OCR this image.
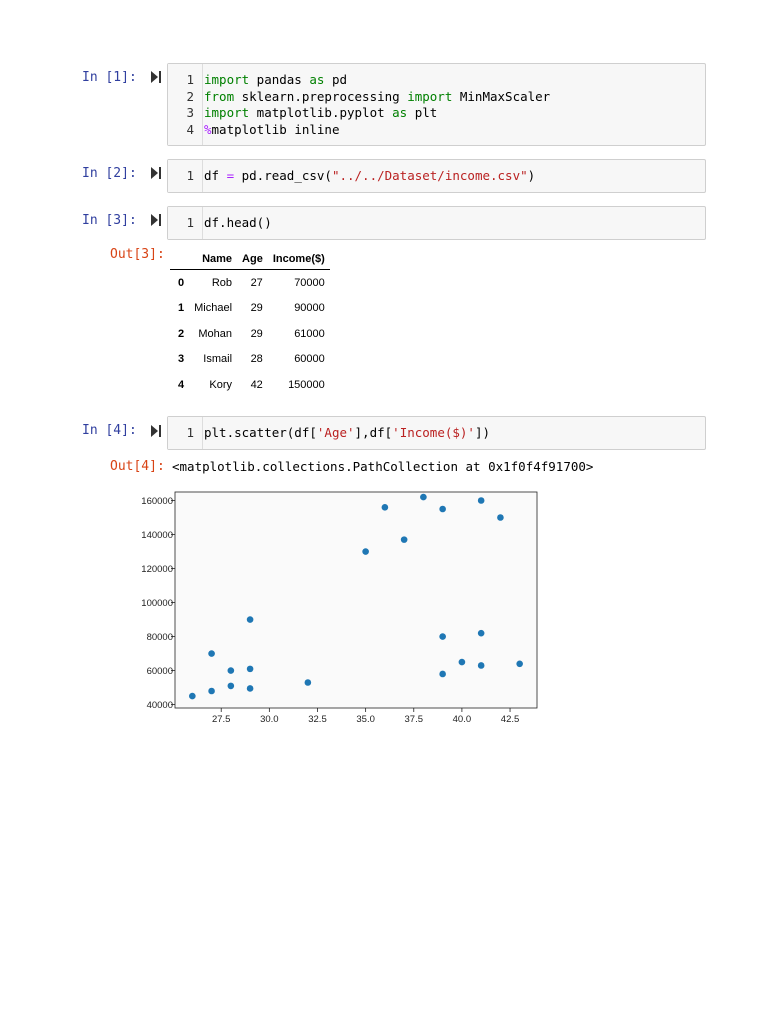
In [1]:	1
2
3
4
import pandas as pd
from sklearn.preprocessing import MinMaxScaler
import matplotlib.pyplot as plt
%matplotlib inline
In [2]:	1 df = pd.read_csv("../../Dataset/income.csv")
In [3]:	1 df.head()
Out[3]:
		Name	Age	Income($)
0	Rob	27	70000
1	Michael	29	90000
2	Mohan	29	61000
3	Ismail	28	60000
4	Kory	42	150000
In [4]:	1 plt.scatter(df['Age'],df['Income($)'])
Out[4]: <matplotlib.collections.PathCollection at 0x1f0f4f91700>
40000
60000
80000
100000
120000
140000
160000
27.5	30.0	32.5	35.0	37.5	40.0	42.5
